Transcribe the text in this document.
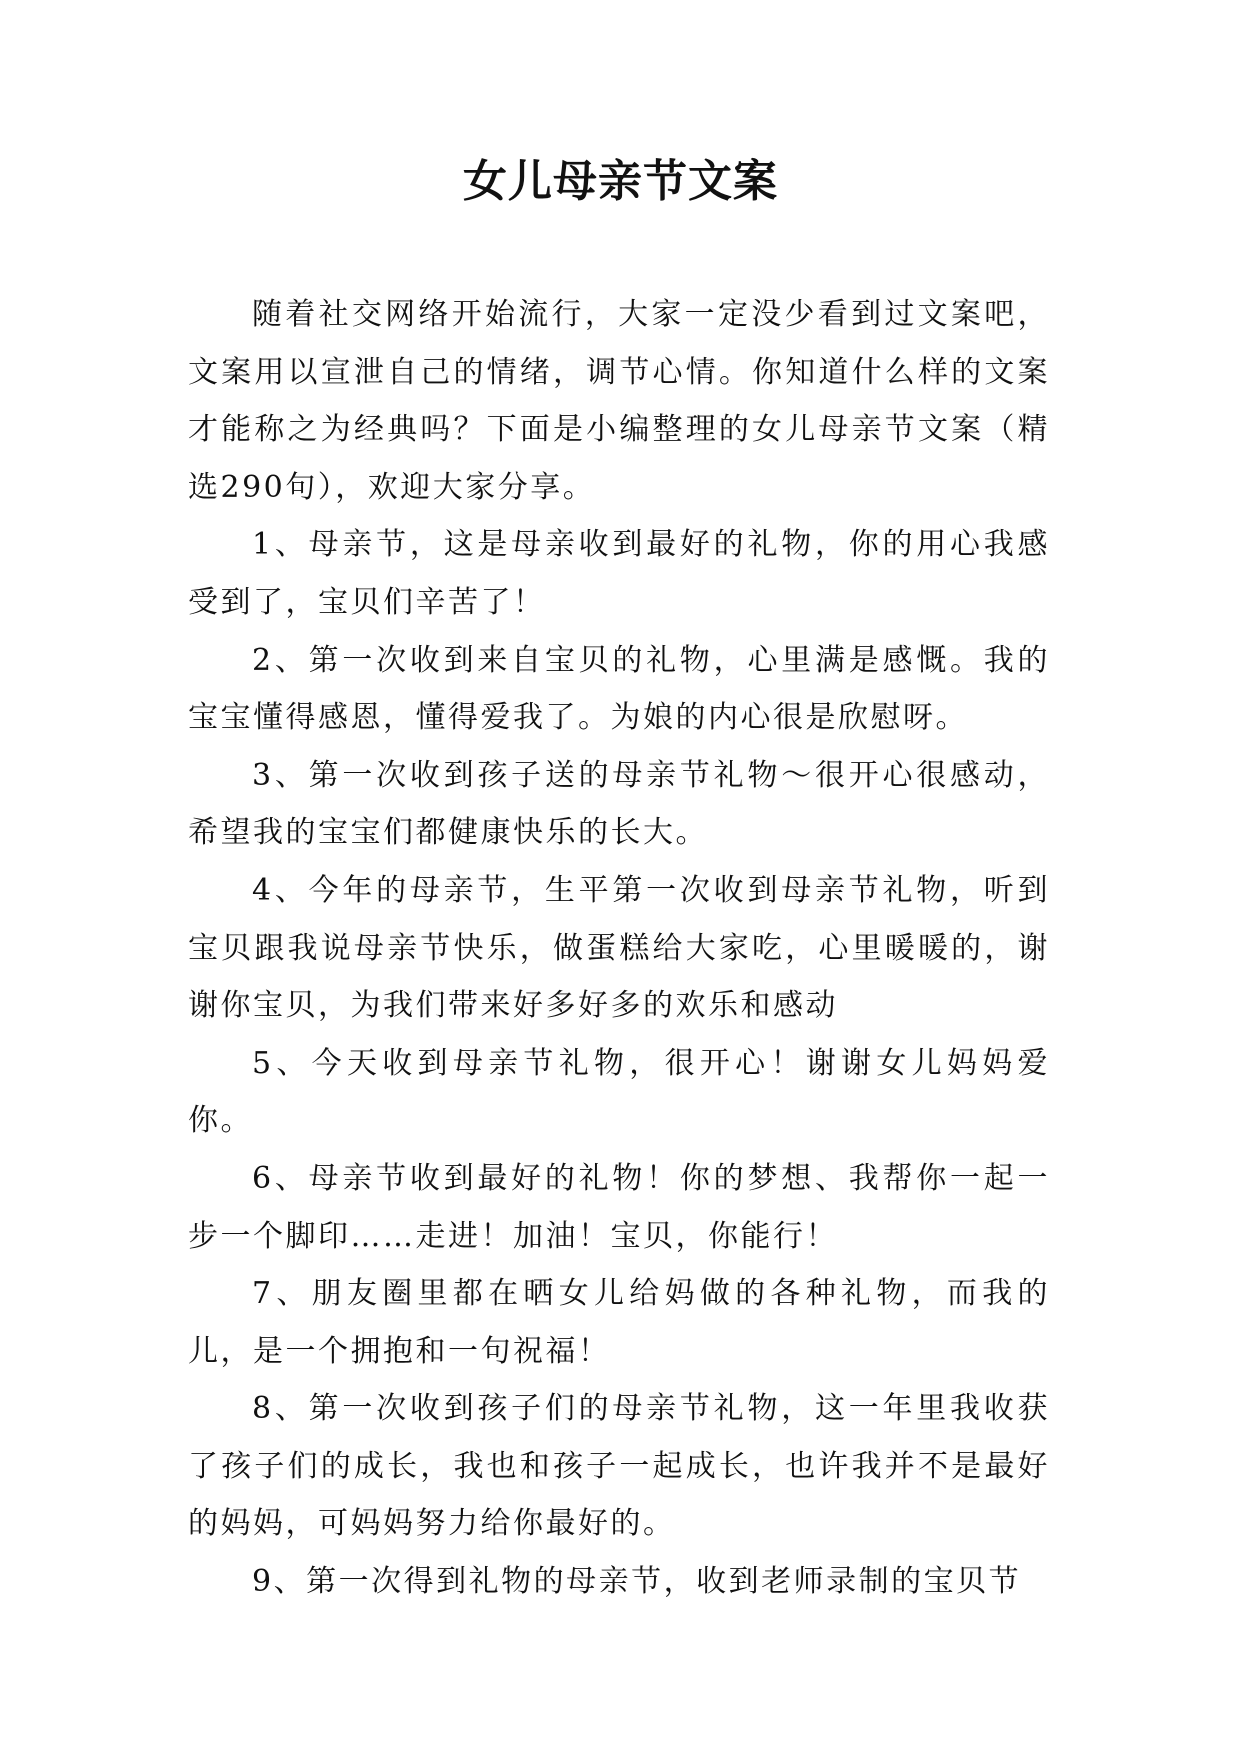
女儿母亲节文案

随着社交网络开始流行，大家一定没少看到过文案吧，文案用以宣泄自己的情绪，调节心情。你知道什么样的文案才能称之为经典吗？下面是小编整理的女儿母亲节文案（精选290句），欢迎大家分享。

1、母亲节，这是母亲收到最好的礼物，你的用心我感受到了，宝贝们辛苦了！

2、第一次收到来自宝贝的礼物，心里满是感慨。我的宝宝懂得感恩，懂得爱我了。为娘的内心很是欣慰呀。

3、第一次收到孩子送的母亲节礼物～很开心很感动，希望我的宝宝们都健康快乐的长大。

4、今年的母亲节，生平第一次收到母亲节礼物，听到宝贝跟我说母亲节快乐，做蛋糕给大家吃，心里暖暖的，谢谢你宝贝，为我们带来好多好多的欢乐和感动

5、今天收到母亲节礼物，很开心！谢谢女儿妈妈爱你。

6、母亲节收到最好的礼物！你的梦想、我帮你一起一步一个脚印……走进！加油！宝贝，你能行！

7、朋友圈里都在晒女儿给妈做的各种礼物，而我的儿，是一个拥抱和一句祝福！

8、第一次收到孩子们的母亲节礼物，这一年里我收获了孩子们的成长，我也和孩子一起成长，也许我并不是最好的妈妈，可妈妈努力给你最好的。

9、第一次得到礼物的母亲节，收到老师录制的宝贝节
